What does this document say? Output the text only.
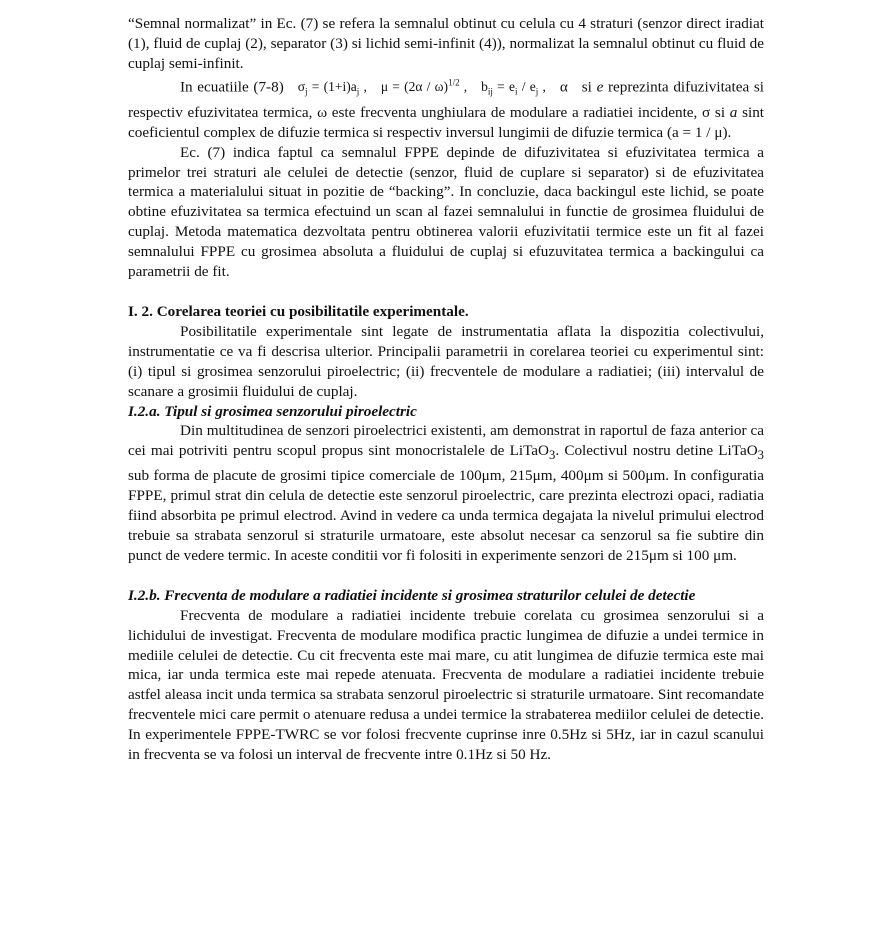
“Semnal normalizat” in Ec. (7) se refera la semnalul obtinut cu celula cu 4 straturi (senzor direct iradiat (1), fluid de cuplaj (2), separator (3) si lichid semi-infinit (4)), normalizat la semnalul obtinut cu fluid de cuplaj semi-infinit.

In ecuatiile (7-8) $\sigma_j = (1+i)a_j$ , μ = (2α / ω)$^{1/2}$ , $b_{ij} = e_i / e_j$ , α si e reprezinta difuzivitatea si respectiv efuzivitatea termica, ω este frecventa unghiulara de modulare a radiatiei incidente, σ si a sint coeficientul complex de difuzie termica si respectiv inversul lungimii de difuzie termica (a = 1 / μ).

Ec. (7) indica faptul ca semnalul FPPE depinde de difuzivitatea si efuzivitatea termica a primelor trei straturi ale celulei de detectie (senzor, fluid de cuplare si separator) si de efuzivitatea termica a materialului situat in pozitie de “backing”. In concluzie, daca backingul este lichid, se poate obtine efuzivitatea sa termica efectuind un scan al fazei semnalului in functie de grosimea fluidului de cuplaj. Metoda matematica dezvoltata pentru obtinerea valorii efuzivitatii termice este un fit al fazei semnalului FPPE cu grosimea absoluta a fluidului de cuplaj si efuzuvitatea termica a backingului ca parametrii de fit.

I. 2. Corelarea teoriei cu posibilitatile experimentale.

Posibilitatile experimentale sint legate de instrumentatia aflata la dispozitia colectivului, instrumentatie ce va fi descrisa ulterior. Principalii parametrii in corelarea teoriei cu experimentul sint: (i) tipul si grosimea senzorului piroelectric; (ii) frecventele de modulare a radiatiei; (iii) intervalul de scanare a grosimii fluidului de cuplaj.

I.2.a. Tipul si grosimea senzorului piroelectric

Din multitudinea de senzori piroelectrici existenti, am demonstrat in raportul de faza anterior ca cei mai potriviti pentru scopul propus sint monocristalele de LiTaO$_3$. Colectivul nostru detine LiTaO$_3$ sub forma de placute de grosimi tipice comerciale de 100μm, 215μm, 400μm si 500μm. In configuratia FPPE, primul strat din celula de detectie este senzorul piroelectric, care prezinta electrozi opaci, radiatia fiind absorbita pe primul electrod. Avind in vedere ca unda termica degajata la nivelul primului electrod trebuie sa strabata senzorul si straturile urmatoare, este absolut necesar ca senzorul sa fie subtire din punct de vedere termic. In aceste conditii vor fi folositi in experimente senzori de 215μm si 100 μm.

I.2.b. Frecventa de modulare a radiatiei incidente si grosimea straturilor celulei de detectie

Frecventa de modulare a radiatiei incidente trebuie corelata cu grosimea senzorului si a lichidului de investigat. Frecventa de modulare modifica practic lungimea de difuzie a undei termice in mediile celulei de detectie. Cu cit frecventa este mai mare, cu atit lungimea de difuzie termica este mai mica, iar unda termica este mai repede atenuata. Frecventa de modulare a radiatiei incidente trebuie astfel aleasa incit unda termica sa strabata senzorul piroelectric si straturile urmatoare. Sint recomandate frecventele mici care permit o atenuare redusa a undei termice la strabaterea mediilor celulei de detectie. In experimentele FPPE-TWRC se vor folosi frecvente cuprinse inre 0.5Hz si 5Hz, iar in cazul scanului in frecventa se va folosi un interval de frecvente intre 0.1Hz si 50 Hz.
